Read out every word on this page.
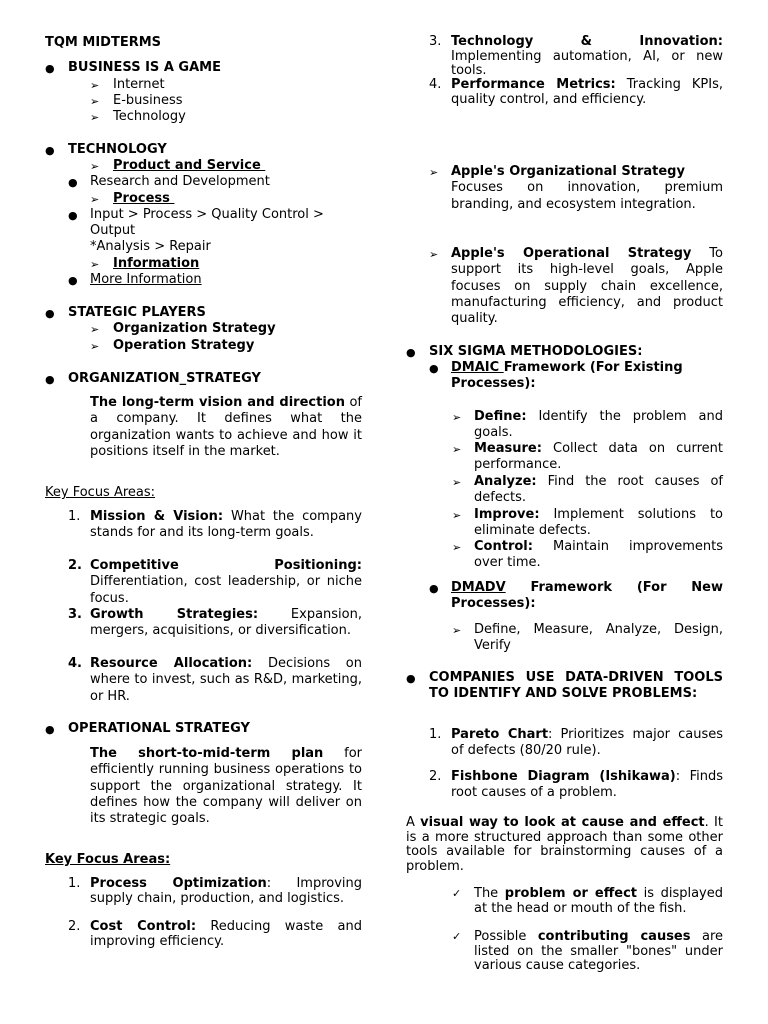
TQM MIDTERMS
● BUSINESS IS A GAME
➢ Internet
➢ E-business
➢ Technology
● TECHNOLOGY
➢ Product and Service
● Research and Development
➢ Process
● Input > Process > Quality Control >
Output
*Analysis > Repair
➢ Information
● More Information
● STATEGIC PLAYERS
➢ Organization Strategy
➢ Operation Strategy
● ORGANIZATION_STRATEGY
The long-term vision and direction of a company. It defines what the organization wants to achieve and how it positions itself in the market.
Key Focus Areas:
1. Mission & Vision: What the company stands for and its long-term goals.
2. Competitive Positioning: Differentiation, cost leadership, or niche focus.
3. Growth Strategies: Expansion, mergers, acquisitions, or diversification.
4. Resource Allocation: Decisions on where to invest, such as R&D, marketing, or HR.
● OPERATIONAL STRATEGY
The short-to-mid-term plan for efficiently running business operations to support the organizational strategy. It defines how the company will deliver on its strategic goals.
Key Focus Areas:
1. Process Optimization: Improving supply chain, production, and logistics.
2. Cost Control: Reducing waste and improving efficiency.
3. Technology & Innovation: Implementing automation, AI, or new tools.
4. Performance Metrics: Tracking KPIs, quality control, and efficiency.
➢ Apple's Organizational Strategy
Focuses on innovation, premium branding, and ecosystem integration.
➢ Apple's Operational Strategy To support its high-level goals, Apple focuses on supply chain excellence, manufacturing efficiency, and product quality.
● SIX SIGMA METHODOLOGIES:
● DMAIC Framework (For Existing Processes):
➢ Define: Identify the problem and goals.
➢ Measure: Collect data on current performance.
➢ Analyze: Find the root causes of defects.
➢ Improve: Implement solutions to eliminate defects.
➢ Control: Maintain improvements over time.
● DMADV Framework (For New Processes):
➢ Define, Measure, Analyze, Design, Verify
● COMPANIES USE DATA-DRIVEN TOOLS TO IDENTIFY AND SOLVE PROBLEMS:
1. Pareto Chart: Prioritizes major causes of defects (80/20 rule).
2. Fishbone Diagram (Ishikawa): Finds root causes of a problem.
A visual way to look at cause and effect. It is a more structured approach than some other tools available for brainstorming causes of a problem.
✓ The problem or effect is displayed at the head or mouth of the fish.
✓ Possible contributing causes are listed on the smaller "bones" under various cause categories.
